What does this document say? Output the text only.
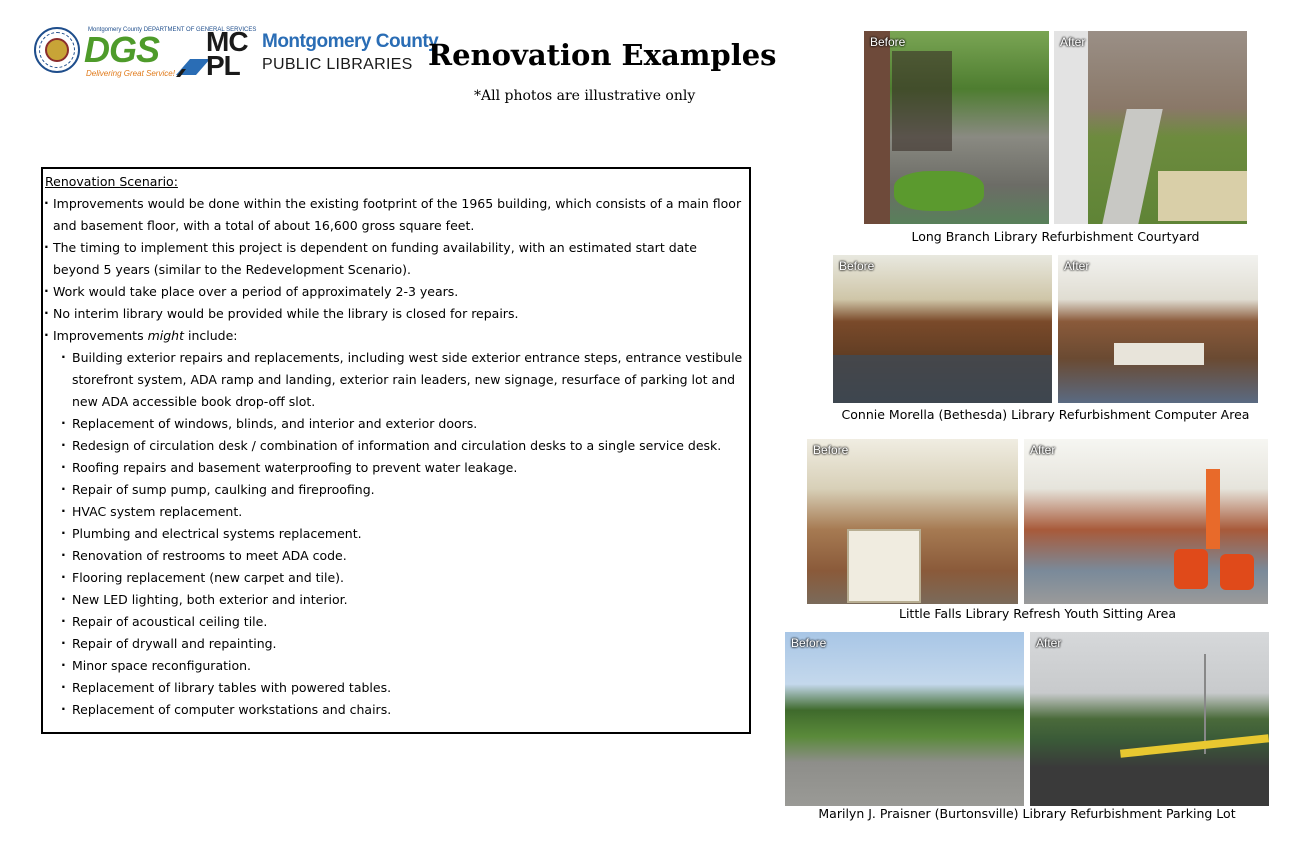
Montgomery County DEPARTMENT OF GENERAL SERVICES
DGS
Delivering Great Service!
MC
PL
Montgomery County
PUBLIC LIBRARIES Renovation Examples
*All photos are illustrative only
Renovation Scenario:
. Improvements would be done within the existing footprint of the 1965 building, which consists of a main floor and basement floor, with a total of about 16,600 gross square feet.
. The timing to implement this project is dependent on funding availability, with an estimated start date beyond 5 years (similar to the Redevelopment Scenario).
. Work would take place over a period of approximately 2-3 years.
. No interim library would be provided while the library is closed for repairs.
. Improvements might include:
. Building exterior repairs and replacements, including west side exterior entrance steps, entrance vestibule storefront system, ADA ramp and landing, exterior rain leaders, new signage, resurface of parking lot and new ADA accessible book drop-off slot.
. Replacement of windows, blinds, and interior and exterior doors.
. Redesign of circulation desk / combination of information and circulation desks to a single service desk.
. Roofing repairs and basement waterproofing to prevent water leakage.
. Repair of sump pump, caulking and fireproofing.
. HVAC system replacement.
. Plumbing and electrical systems replacement.
. Renovation of restrooms to meet ADA code.
. Flooring replacement (new carpet and tile).
. New LED lighting, both exterior and interior.
. Repair of acoustical ceiling tile.
. Repair of drywall and repainting.
. Minor space reconfiguration.
. Replacement of library tables with powered tables.
. Replacement of computer workstations and chairs.
Before	After
Long Branch Library Refurbishment Courtyard
Before	After
Connie Morella (Bethesda) Library Refurbishment Computer Area
Before	After
Little Falls Library Refresh Youth Sitting Area
Before	After
Marilyn J. Praisner (Burtonsville) Library Refurbishment Parking Lot
